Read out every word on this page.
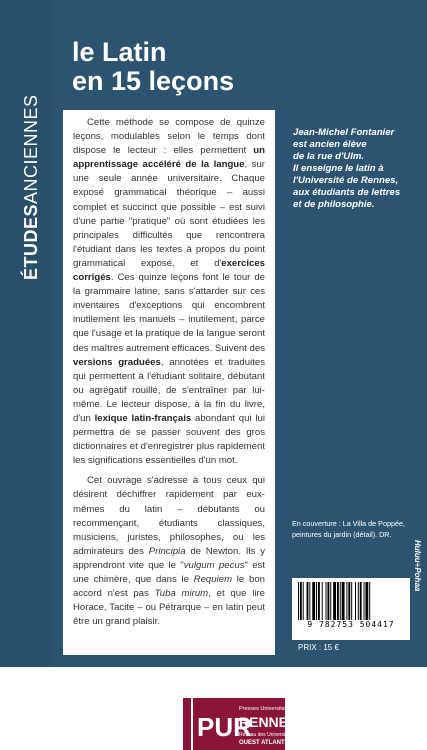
ÉTUDESANCIENNES
le Latin
en 15 leçons

Cette méthode se compose de quinze leçons, modulables selon le temps dont dispose le lecteur : elles permettent un apprentissage accéléré de la langue, sur une seule année universitaire. Chaque exposé grammatical théorique – aussi complet et succinct que possible – est suivi d'une partie "pratique" où sont étudiées les principales difficultés que rencontrera l'étudiant dans les textes à propos du point grammatical exposé, et d'exercices corrigés. Ces quinze leçons font le tour de la grammaire latine, sans s'attarder sur ces inventaires d'exceptions qui encombrent inutilement les manuels – inutilement, parce que l'usage et la pratique de la langue seront des maîtres autrement efficaces. Suivent des versions graduées, annotées et traduites qui permettent à l'étudiant solitaire, débutant ou agrégatif rouillé, de s'entraîner par lui-même. Le lecteur dispose, à la fin du livre, d'un lexique latin-français abondant qui lui permettra de se passer souvent des gros dictionnaires et d'enregistrer plus rapidement les significations essentielles d'un mot.

Cet ouvrage s'adresse à tous ceux qui désirent déchiffrer rapidement par eux-mêmes du latin – débutants ou recommençant, étudiants classiques, musiciens, juristes, philosophes, ou les admirateurs des Principia de Newton. Ils y apprendront vite que le "vulgum pecus" est une chimère, que dans le Requiem le bon accord n'est pas Tuba mirum, et que lire Horace, Tacite – ou Pétrarque – en latin peut être un grand plaisir.

PUR
Presses Universitaires
RENNES
Réseau des Universités
OUEST ATLANTIQUE

Jean-Michel Fontanier

est ancien élève

de la rue d'Ulm.

Il enseigne le latin à

l'Université de Rennes,

aux étudiants de lettres

et de philosophie.

En couverture : La Villa de Poppée,
peintures du jardin (détail). DR.
Huluu+Pohaa
9 782753 504417
ISBN 978- 2-7535-0441-7
PRIX : 15 €
